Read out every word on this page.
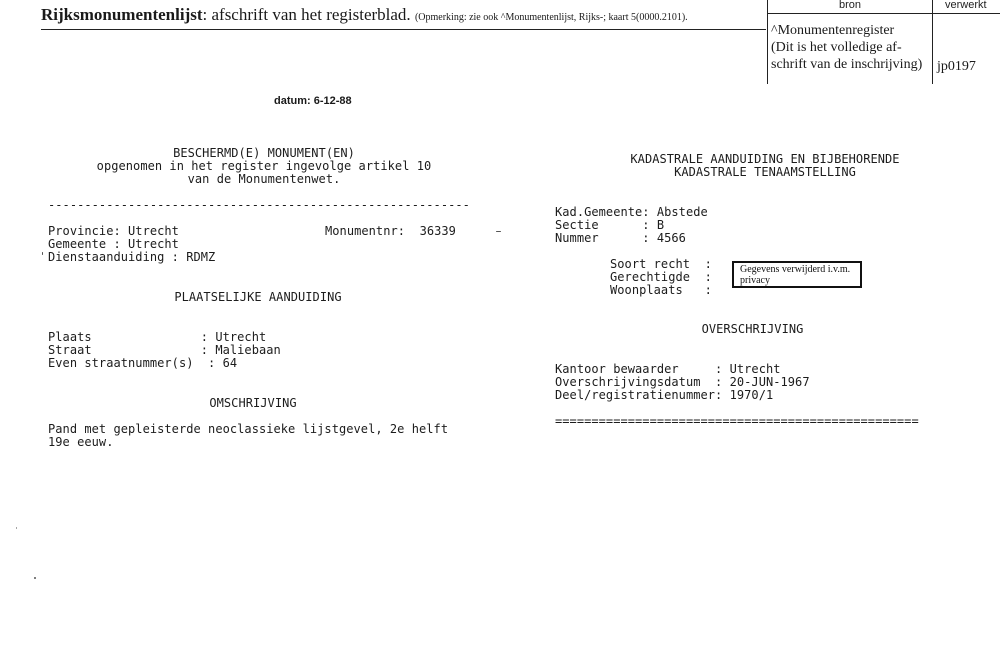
Rijksmonumentenlijst: afschrift van het registerblad. (Opmerking: zie ook ^Monumentenlijst, Rijks-; kaart 5(0000.2101).

bron

	verwerkt

^Monumentenregister

(Dit is het volledige af-

schrift van de inschrijving)

jp0197

datum: 6-12-88
BESCHERMD(E) MONUMENT(EN)
opgenomen in het register ingevolge artikel 10
van de Monumentenwet.
----------------------------------------------------------
Provincie: Utrecht	Monumentnr:  36339
Gemeente : Utrecht
Dienstaanduiding : RDMZ
PLAATSELIJKE AANDUIDING
Plaats               : Utrecht
Straat               : Maliebaan
Even straatnummer(s)  : 64
OMSCHRIJVING
Pand met gepleisterde neoclassieke lijstgevel, 2e helft
19e eeuw.
KADASTRALE AANDUIDING EN BIJBEHORENDE
KADASTRALE TENAAMSTELLING
Kad.Gemeente: Abstede
Sectie      : B
Nummer      : 4566
Soort recht  :
Gerechtigde  :
Woonplaats   :
Gegevens verwijderd i.v.m.
privacy
OVERSCHRIJVING
Kantoor bewaarder     : Utrecht
Overschrijvingsdatum  : 20-JUN-1967
Deel/registratienummer: 1970/1
==================================================
